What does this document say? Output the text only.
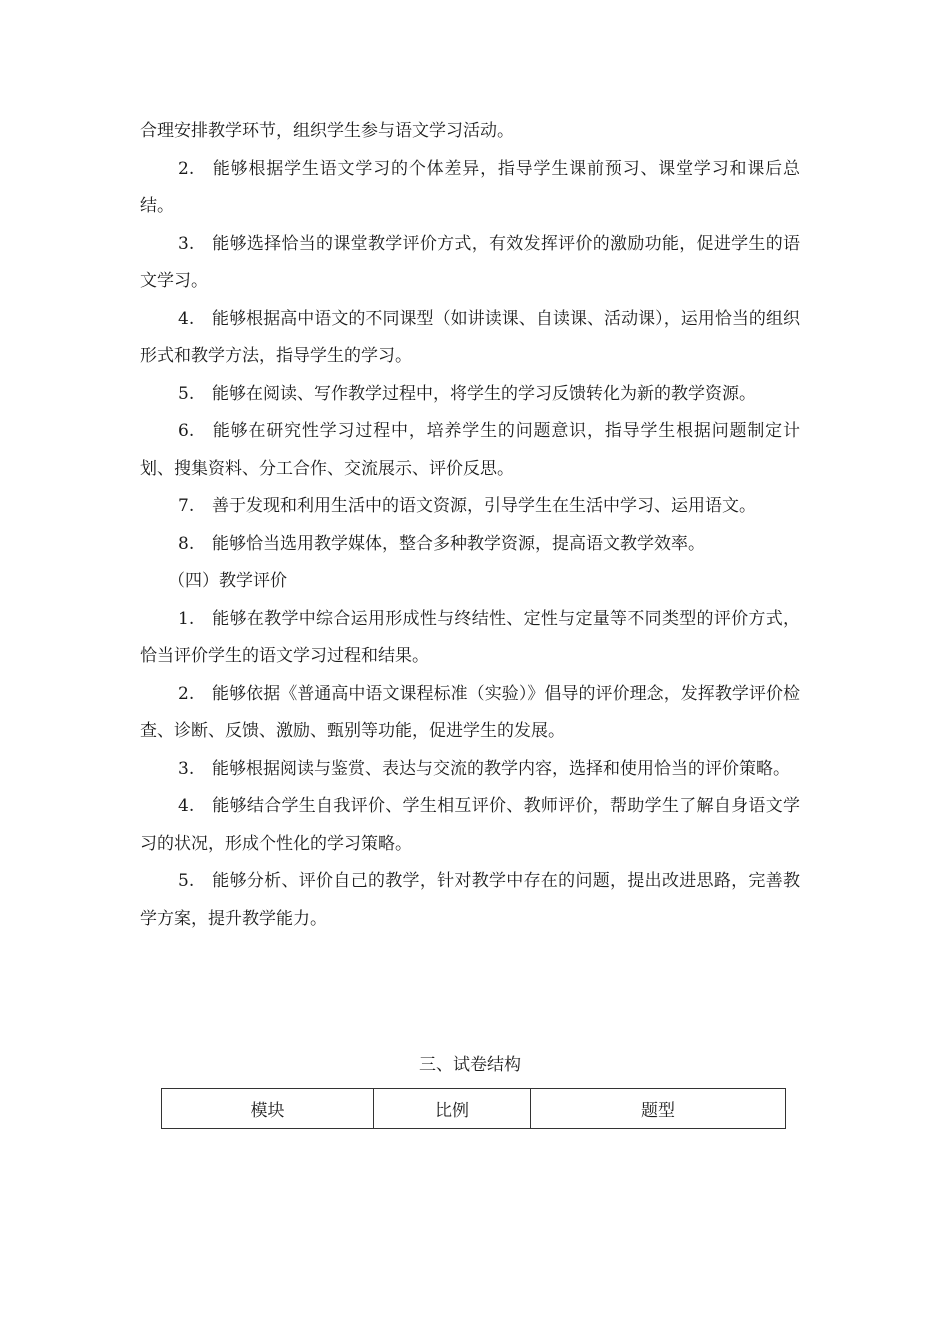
合理安排教学环节，组织学生参与语文学习活动。

2. 能够根据学生语文学习的个体差异，指导学生课前预习、课堂学习和课后总结。

3. 能够选择恰当的课堂教学评价方式，有效发挥评价的激励功能，促进学生的语文学习。

4. 能够根据高中语文的不同课型（如讲读课、自读课、活动课），运用恰当的组织形式和教学方法，指导学生的学习。

5. 能够在阅读、写作教学过程中，将学生的学习反馈转化为新的教学资源。

6. 能够在研究性学习过程中，培养学生的问题意识，指导学生根据问题制定计划、搜集资料、分工合作、交流展示、评价反思。

7. 善于发现和利用生活中的语文资源，引导学生在生活中学习、运用语文。

8. 能够恰当选用教学媒体，整合多种教学资源，提高语文教学效率。

（四）教学评价

1. 能够在教学中综合运用形成性与终结性、定性与定量等不同类型的评价方式，恰当评价学生的语文学习过程和结果。

2. 能够依据《普通高中语文课程标准（实验）》倡导的评价理念，发挥教学评价检查、诊断、反馈、激励、甄别等功能，促进学生的发展。

3. 能够根据阅读与鉴赏、表达与交流的教学内容，选择和使用恰当的评价策略。

4. 能够结合学生自我评价、学生相互评价、教师评价，帮助学生了解自身语文学习的状况，形成个性化的学习策略。

5. 能够分析、评价自己的教学，针对教学中存在的问题，提出改进思路，完善教学方案，提升教学能力。

三、试卷结构

模块	比例	题型
